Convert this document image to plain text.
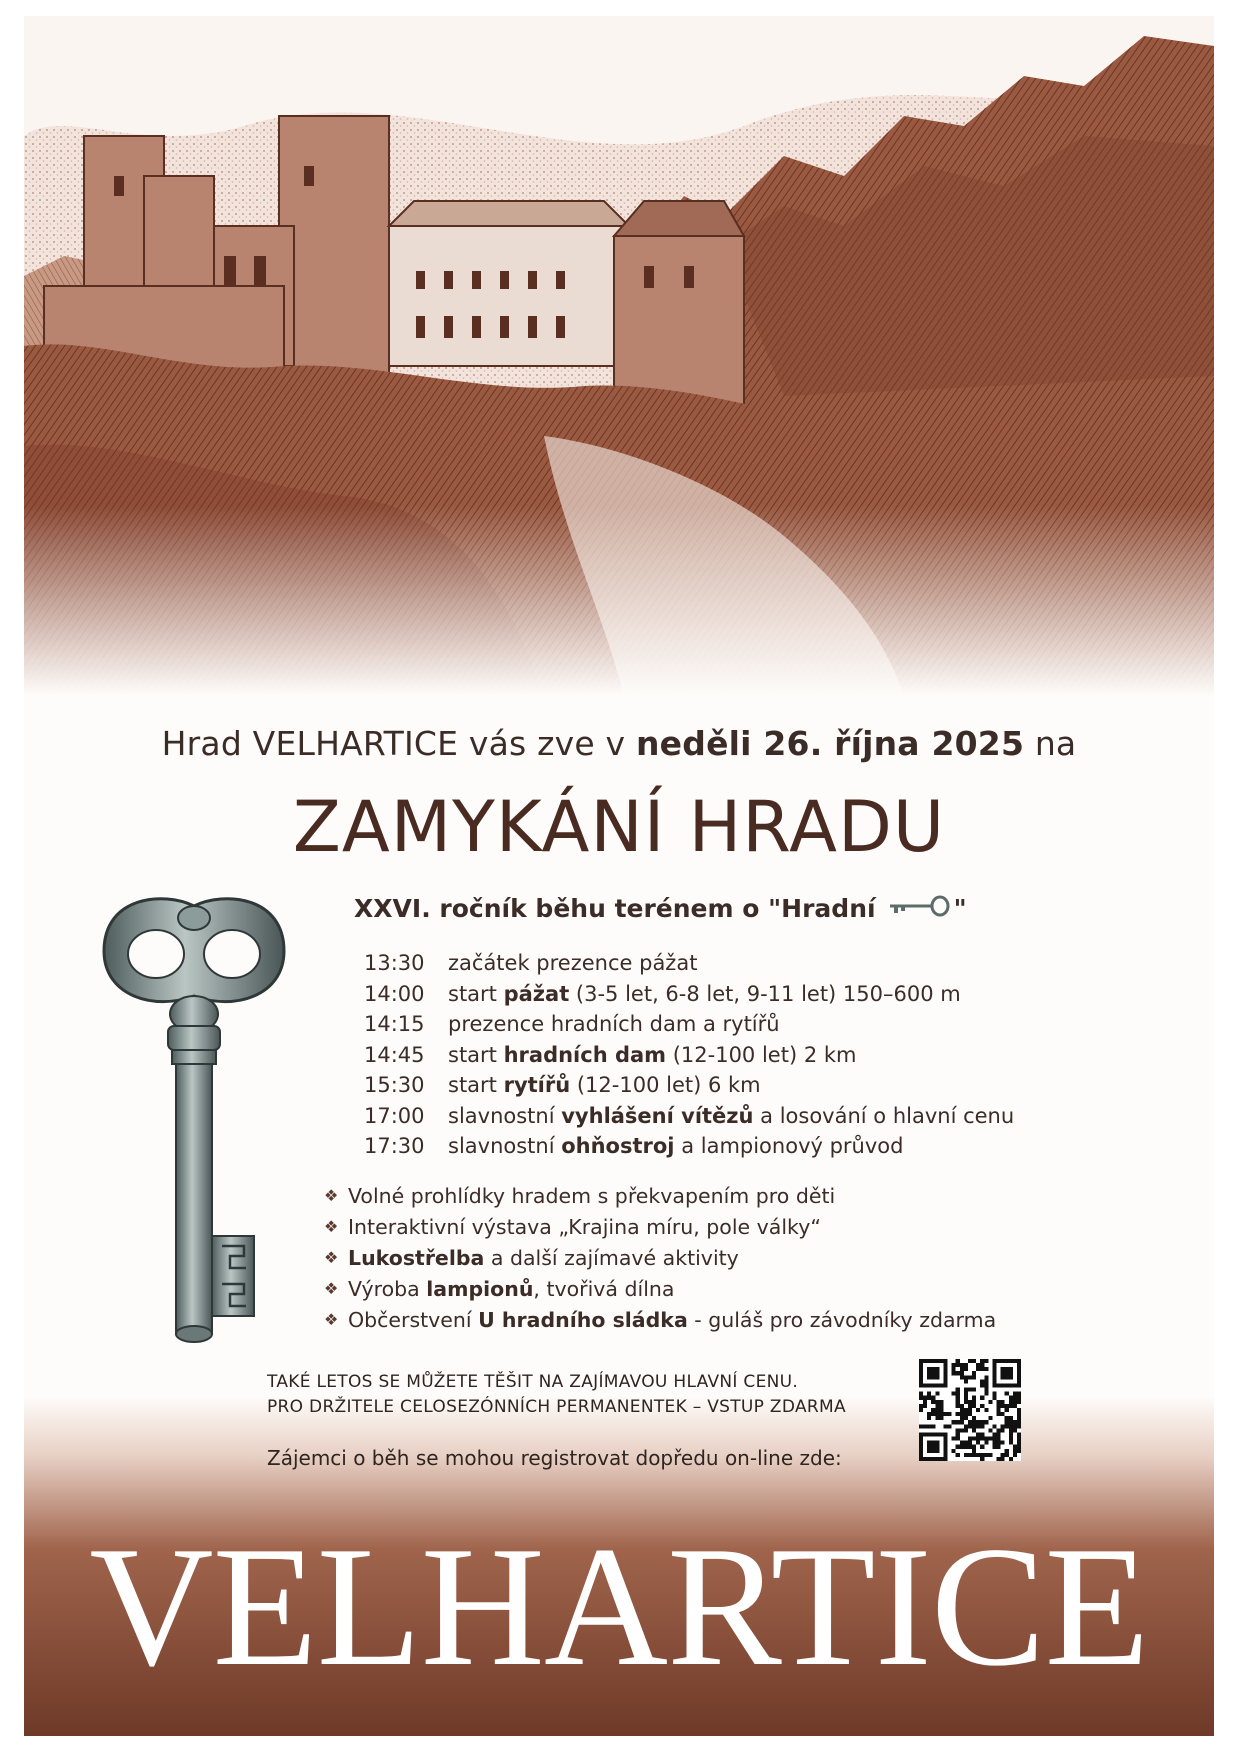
Hrad VELHARTICE vás zve v neděli 26. října 2025 na
ZAMYKÁNÍ HRADU
XXVI. ročník běhu terénem o "Hradní	"
13:30	začátek prezence pážat
14:00	start pážat (3-5 let, 6-8 let, 9-11 let) 150–600 m
14:15	prezence hradních dam a rytířů
14:45	start hradních dam (12-100 let) 2 km
15:30	start rytířů (12-100 let) 6 km
17:00	slavnostní vyhlášení vítězů a losování o hlavní cenu
17:30	slavnostní ohňostroj a lampionový průvod
❖ Volné prohlídky hradem s překvapením pro děti
❖ Interaktivní výstava „Krajina míru, pole války“
❖ Lukostřelba a další zajímavé aktivity
❖ Výroba lampionů, tvořivá dílna
❖ Občerstvení U hradního sládka - guláš pro závodníky zdarma
TAKÉ LETOS SE MŮŽETE TĚŠIT NA ZAJÍMAVOU HLAVNÍ CENU.
PRO DRŽITELE CELOSEZÓNNÍCH PERMANENTEK – VSTUP ZDARMA
Zájemci o běh se mohou registrovat dopředu on-line zde:
VELHARTICE
